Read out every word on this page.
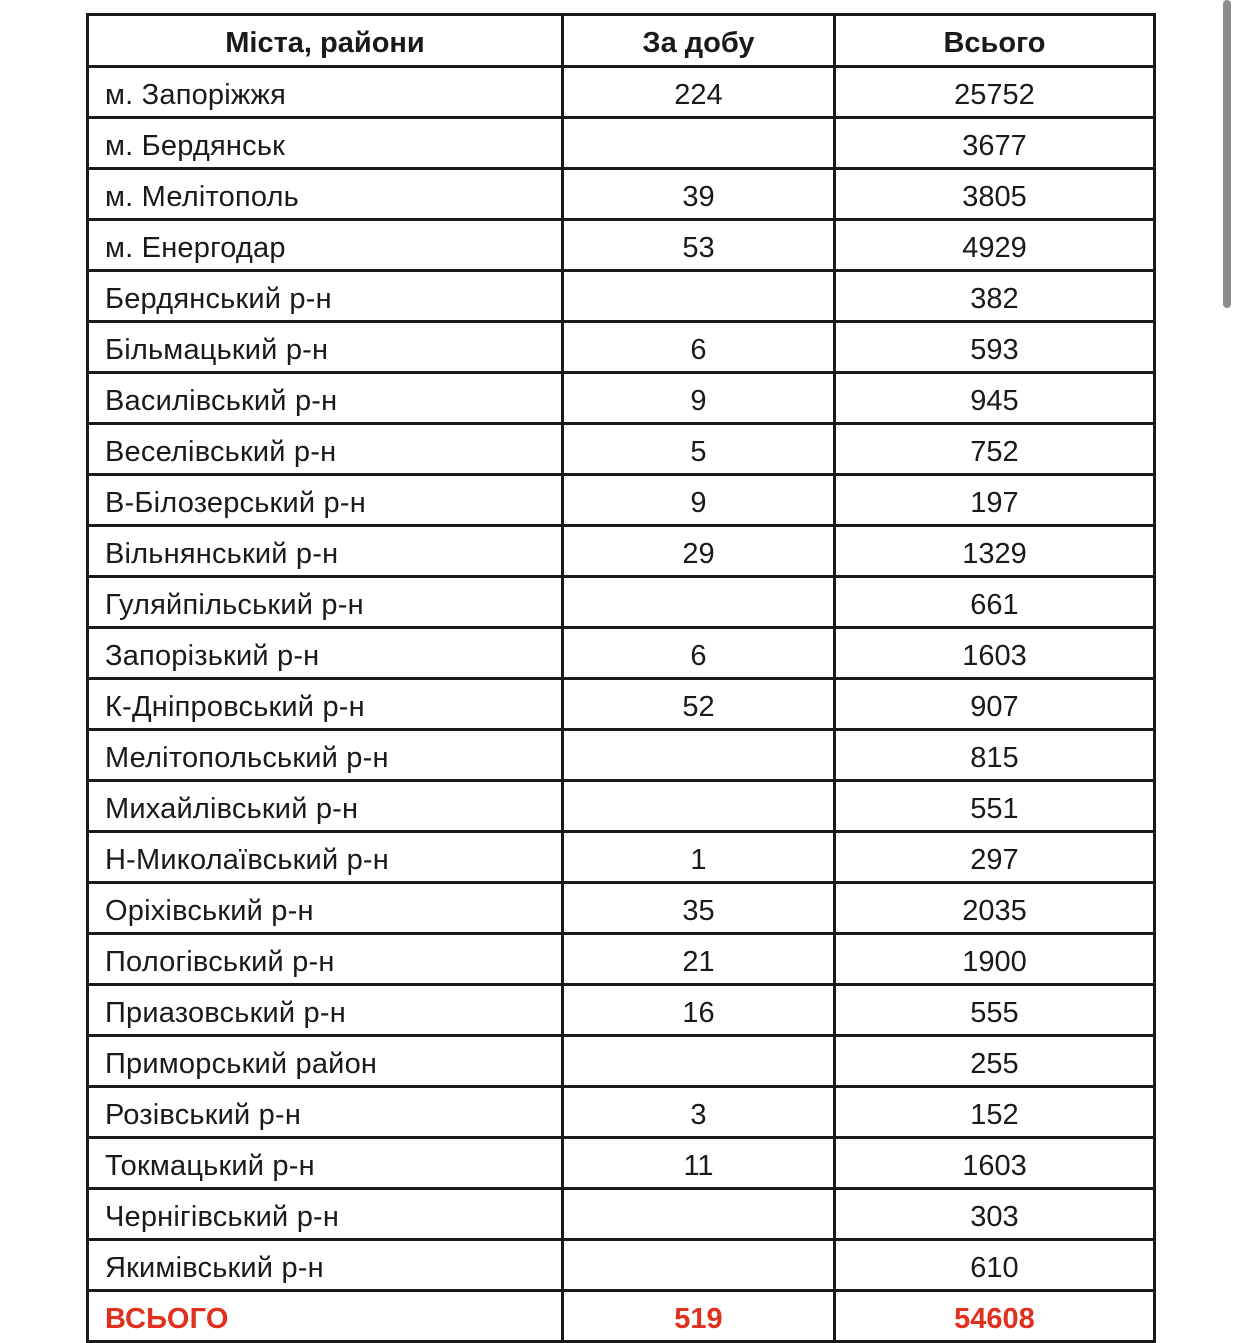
Міста, райони	За добу	Всього
м. Запоріжжя	224	25752
м. Бердянськ		3677
м. Мелітополь	39	3805
м. Енергодар	53	4929
Бердянський р-н		382
Більмацький р-н	6	593
Василівський р-н	9	945
Веселівський р-н	5	752
В-Білозерський р-н	9	197
Вільнянський р-н	29	1329
Гуляйпільський р-н		661
Запорізький р-н	6	1603
К-Дніпровський р-н	52	907
Мелітопольський р-н		815
Михайлівський р-н		551
Н-Миколаївський р-н	1	297
Оріхівський р-н	35	2035
Пологівський р-н	21	1900
Приазовський р-н	16	555
Приморський район		255
Розівський р-н	3	152
Токмацький р-н	11	1603
Чернігівський р-н		303
Якимівський р-н		610
ВСЬОГО	519	54608
